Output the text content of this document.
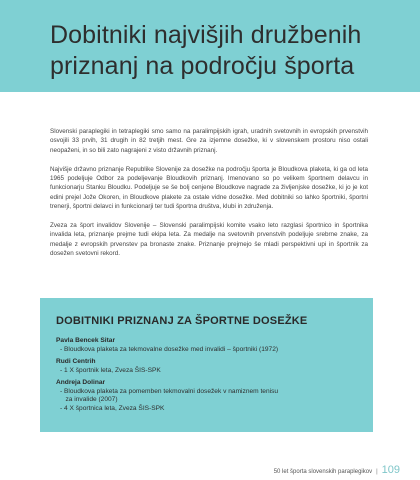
Dobitniki najvišjih družbenih
priznanj na področju športa

Slovenski paraplegiki in tetraplegiki smo samo na paralimpijskih igrah, uradnih svetovnih in evropskih prvenstvih osvojili 33 prvih, 31 drugih in 82 tretjih mest. Gre za izjemne dosežke, ki v slovenskem prostoru niso ostali neopaženi, in so bili zato nagrajeni z visto državnih priznanj.

Najvišje državno priznanje Republike Slovenije za dosežke na področju športa je Bloudkova plaketa, ki ga od leta 1965 podeljuje Odbor za podeljevanje Bloudkovih priznanj. Imenovano so po velikem športnem delavcu in funkcionarju Stanku Bloudku. Podeljuje se še bolj cenjene Bloudkove nagrade za življenjske dosežke, ki jo je kot edini prejel Jože Okoren, in Bloudkove plakete za ostale vidne dosežke. Med dobitniki so lahko športniki, športni trenerji, športni delavci in funkcionarji ter tudi športna društva, klubi in združenja.

Zveza za šport invalidov Slovenije – Slovenski paralimpijski komite vsako leto razglasi športnico in športnika invalida leta, priznanje prejme tudi ekipa leta. Za medalje na svetovnih prvenstvih podeljuje srebrne znake, za medalje z evropskih prvenstev pa bronaste znake. Priznanje prejmejo še mladi perspektivni upi in športnik za dosežen svetovni rekord.

DOBITNIKI PRIZNANJ ZA ŠPORTNE DOSEŽKE
Pavla Bencek Sitar
- Bloudkova plaketa za tekmovalne dosežke med invalidi – športniki (1972)
Rudi Centrih
- 1 X športnik leta, Zveza ŠIS-SPK
Andreja Dolinar
- Bloudkova plaketa za pomemben tekmovalni dosežek v namiznem tenisu
za invalide (2007)
- 4 X športnica leta, Zveza ŠIS-SPK
50 let športa slovenskih paraplegikov | 109
